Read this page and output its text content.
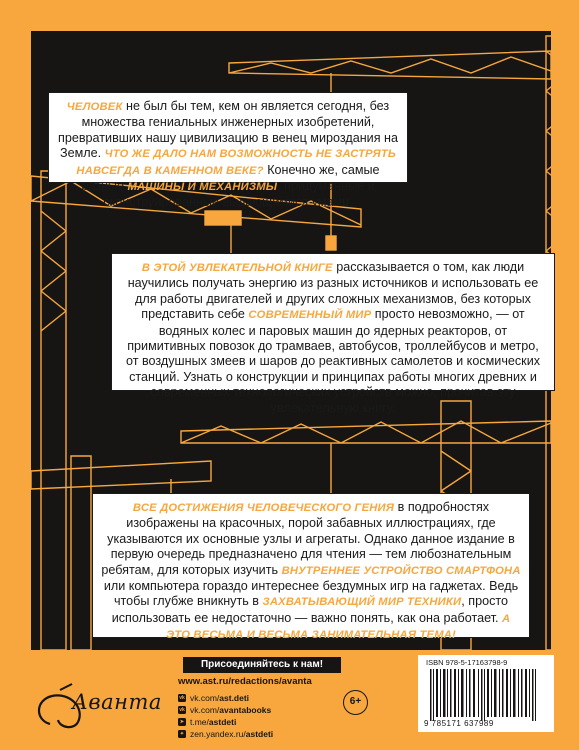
ЧЕЛОВЕК не был бы тем, кем он является сегодня, без множества гениальных инженерных изобретений, превративших нашу цивилизацию в венец мироздания на Земле. ЧТО ЖЕ ДАЛО НАМ ВОЗМОЖНОСТЬ НЕ ЗАСТРЯТЬ НАВСЕГДА В КАМЕННОМ ВЕКЕ? Конечно же, самые разные МАШИНЫ И МЕХАНИЗМЫ, придуманные и сконструированные выдающимися умами.
В ЭТОЙ УВЛЕКАТЕЛЬНОЙ КНИГЕ рассказывается о том, как люди научились получать энергию из разных источников и использовать ее для работы двигателей и других сложных механизмов, без которых представить себе СОВРЕМЕННЫЙ МИР просто невозможно, — от водяных колес и паровых машин до ядерных реакторов, от примитивных повозок до трамваев, автобусов, троллейбусов и метро, от воздушных змеев и шаров до реактивных самолетов и космических станций. Узнать о конструкции и принципах работы многих древних и современных технологических устройств можно, прочитав эту увлекательную книгу.
ВСЕ ДОСТИЖЕНИЯ ЧЕЛОВЕЧЕСКОГО ГЕНИЯ в подробностях изображены на красочных, порой забавных иллюстрациях, где указываются их основные узлы и агрегаты. Однако данное издание в первую очередь предназначено для чтения — тем любознательным ребятам, для которых изучить ВНУТРЕННЕЕ УСТРОЙСТВО СМАРТФОНА или компьютера гораздо интереснее бездумных игр на гаджетах. Ведь чтобы глубже вникнуть в ЗАХВАТЫВАЮЩИЙ МИР ТЕХНИКИ, просто использовать ее недостаточно — важно понять, как она работает. А ЭТО ВЕСЬМА И ВЕСЬМА ЗАНИМАТЕЛЬНАЯ ТЕМА!
Присоединяйтесь к нам!
Аванта
www.ast.ru/redactions/avanta
vk vk.com/ast.deti
vk vk.com/avantabooks
➤ t.me/astdeti
✦ zen.yandex.ru/astdeti
6+
ISBN 978-5-17163798-9
9 785171 637989
